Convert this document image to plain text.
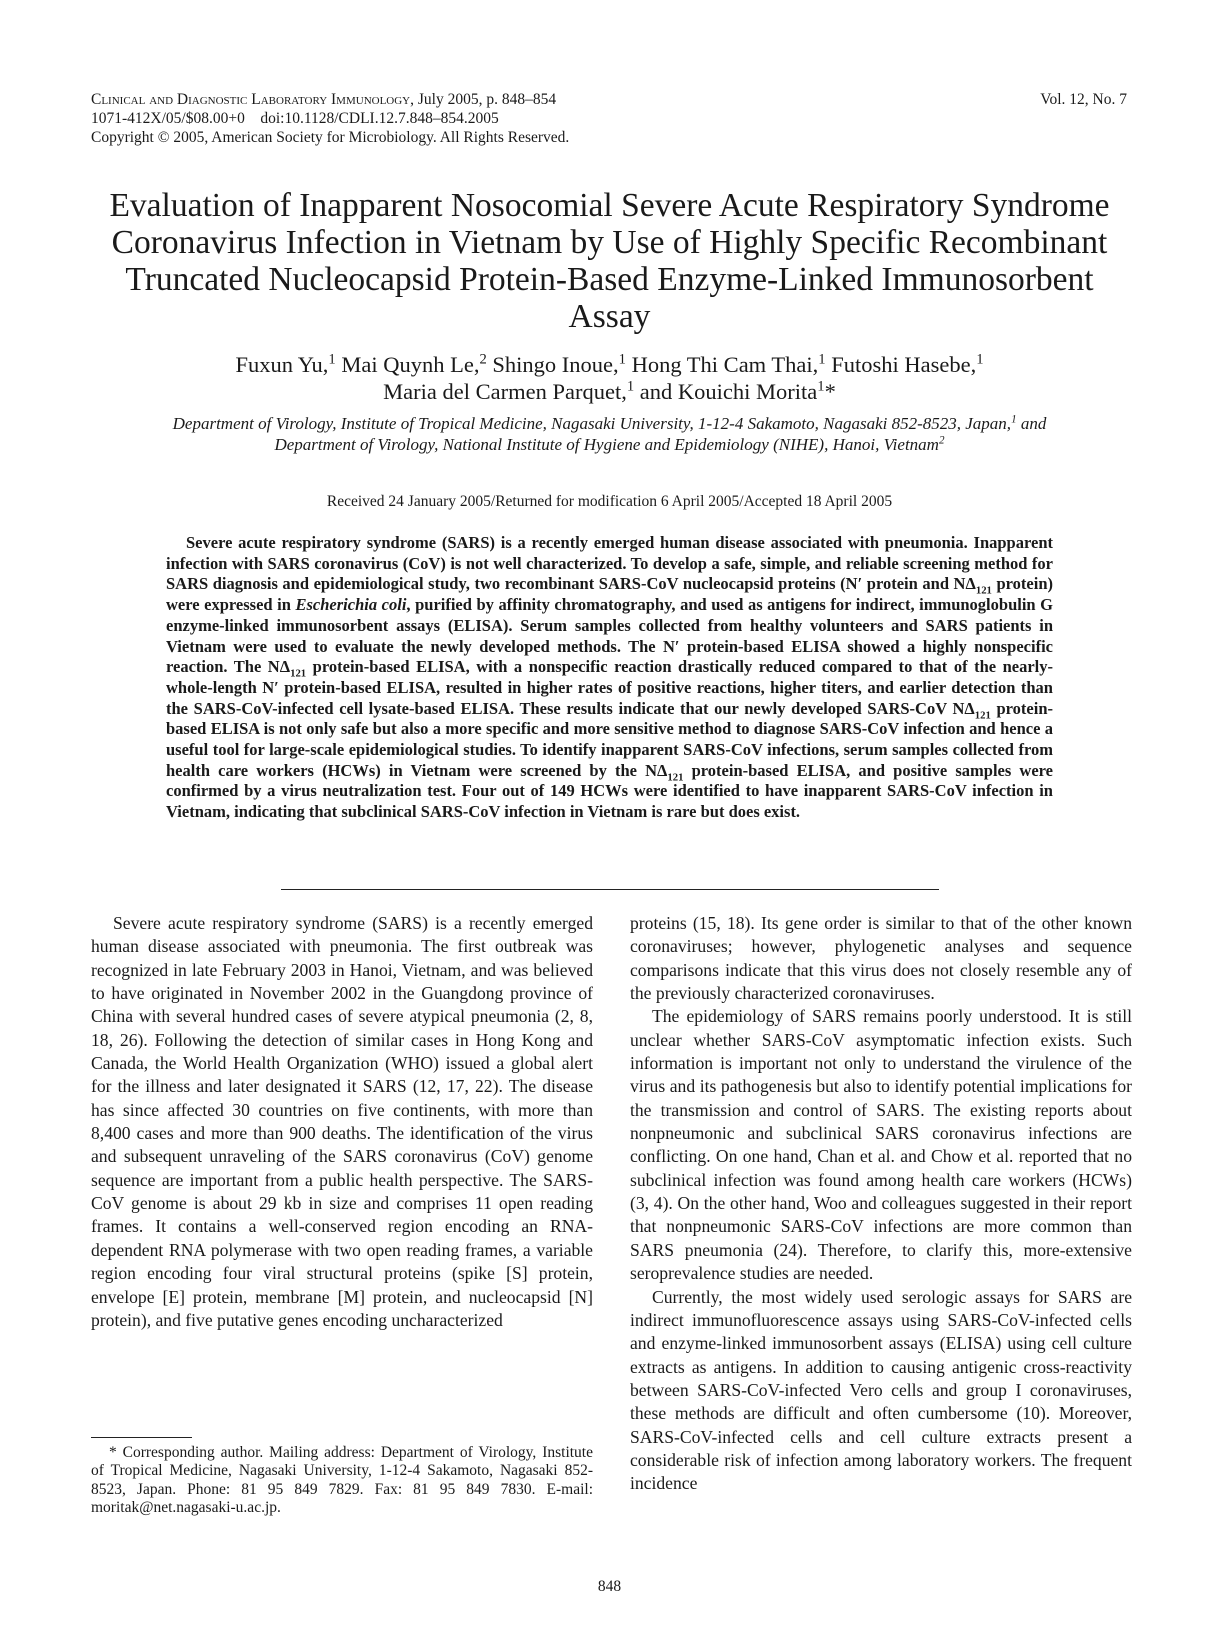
Clinical and Diagnostic Laboratory Immunology, July 2005, p. 848–854
1071-412X/05/$08.00+0    doi:10.1128/CDLI.12.7.848–854.2005
Copyright © 2005, American Society for Microbiology. All Rights Reserved.
Vol. 12, No. 7
Evaluation of Inapparent Nosocomial Severe Acute Respiratory Syndrome Coronavirus Infection in Vietnam by Use of Highly Specific Recombinant Truncated Nucleocapsid Protein-Based Enzyme-Linked Immunosorbent Assay
Fuxun Yu,$^1$ Mai Quynh Le,$^2$ Shingo Inoue,$^1$ Hong Thi Cam Thai,$^1$ Futoshi Hasebe,$^1$
Maria del Carmen Parquet,$^1$ and Kouichi Morita$^1$*
Department of Virology, Institute of Tropical Medicine, Nagasaki University, 1-12-4 Sakamoto, Nagasaki 852-8523, Japan,$^1$ and Department of Virology, National Institute of Hygiene and Epidemiology (NIHE), Hanoi, Vietnam$^2$
Received 24 January 2005/Returned for modification 6 April 2005/Accepted 18 April 2005
Severe acute respiratory syndrome (SARS) is a recently emerged human disease associated with pneumonia. Inapparent infection with SARS coronavirus (CoV) is not well characterized. To develop a safe, simple, and reliable screening method for SARS diagnosis and epidemiological study, two recombinant SARS-CoV nucleocapsid proteins (N′ protein and $N\Delta_{121}$ protein) were expressed in Escherichia coli, purified by affinity chromatography, and used as antigens for indirect, immunoglobulin G enzyme-linked immunosorbent assays (ELISA). Serum samples collected from healthy volunteers and SARS patients in Vietnam were used to evaluate the newly developed methods. The N′ protein-based ELISA showed a highly nonspecific reaction. The $N\Delta_{121}$ protein-based ELISA, with a nonspecific reaction drastically reduced compared to that of the nearly-whole-length N′ protein-based ELISA, resulted in higher rates of positive reactions, higher titers, and earlier detection than the SARS-CoV-infected cell lysate-based ELISA. These results indicate that our newly developed SARS-CoV $N\Delta_{121}$ protein-based ELISA is not only safe but also a more specific and more sensitive method to diagnose SARS-CoV infection and hence a useful tool for large-scale epidemiological studies. To identify inapparent SARS-CoV infections, serum samples collected from health care workers (HCWs) in Vietnam were screened by the $N\Delta_{121}$ protein-based ELISA, and positive samples were confirmed by a virus neutralization test. Four out of 149 HCWs were identified to have inapparent SARS-CoV infection in Vietnam, indicating that subclinical SARS-CoV infection in Vietnam is rare but does exist.

Severe acute respiratory syndrome (SARS) is a recently emerged human disease associated with pneumonia. The first outbreak was recognized in late February 2003 in Hanoi, Vietnam, and was believed to have originated in November 2002 in the Guangdong province of China with several hundred cases of severe atypical pneumonia (2, 8, 18, 26). Following the detection of similar cases in Hong Kong and Canada, the World Health Organization (WHO) issued a global alert for the illness and later designated it SARS (12, 17, 22). The disease has since affected 30 countries on five continents, with more than 8,400 cases and more than 900 deaths. The identification of the virus and subsequent unraveling of the SARS coronavirus (CoV) genome sequence are important from a public health perspective. The SARS-CoV genome is about 29 kb in size and comprises 11 open reading frames. It contains a well-conserved region encoding an RNA-dependent RNA polymerase with two open reading frames, a variable region encoding four viral structural proteins (spike [S] protein, envelope [E] protein, membrane [M] protein, and nucleocapsid [N] protein), and five putative genes encoding uncharacterized

proteins (15, 18). Its gene order is similar to that of the other known coronaviruses; however, phylogenetic analyses and sequence comparisons indicate that this virus does not closely resemble any of the previously characterized coronaviruses.

The epidemiology of SARS remains poorly understood. It is still unclear whether SARS-CoV asymptomatic infection exists. Such information is important not only to understand the virulence of the virus and its pathogenesis but also to identify potential implications for the transmission and control of SARS. The existing reports about nonpneumonic and subclinical SARS coronavirus infections are conflicting. On one hand, Chan et al. and Chow et al. reported that no subclinical infection was found among health care workers (HCWs) (3, 4). On the other hand, Woo and colleagues suggested in their report that nonpneumonic SARS-CoV infections are more common than SARS pneumonia (24). Therefore, to clarify this, more-extensive seroprevalence studies are needed.

Currently, the most widely used serologic assays for SARS are indirect immunofluorescence assays using SARS-CoV-infected cells and enzyme-linked immunosorbent assays (ELISA) using cell culture extracts as antigens. In addition to causing antigenic cross-reactivity between SARS-CoV-infected Vero cells and group I coronaviruses, these methods are difficult and often cumbersome (10). Moreover, SARS-CoV-infected cells and cell culture extracts present a considerable risk of infection among laboratory workers. The frequent incidence

* Corresponding author. Mailing address: Department of Virology, Institute of Tropical Medicine, Nagasaki University, 1-12-4 Sakamoto, Nagasaki 852-8523, Japan. Phone: 81 95 849 7829. Fax: 81 95 849 7830. E-mail: moritak@net.nagasaki-u.ac.jp.
848
